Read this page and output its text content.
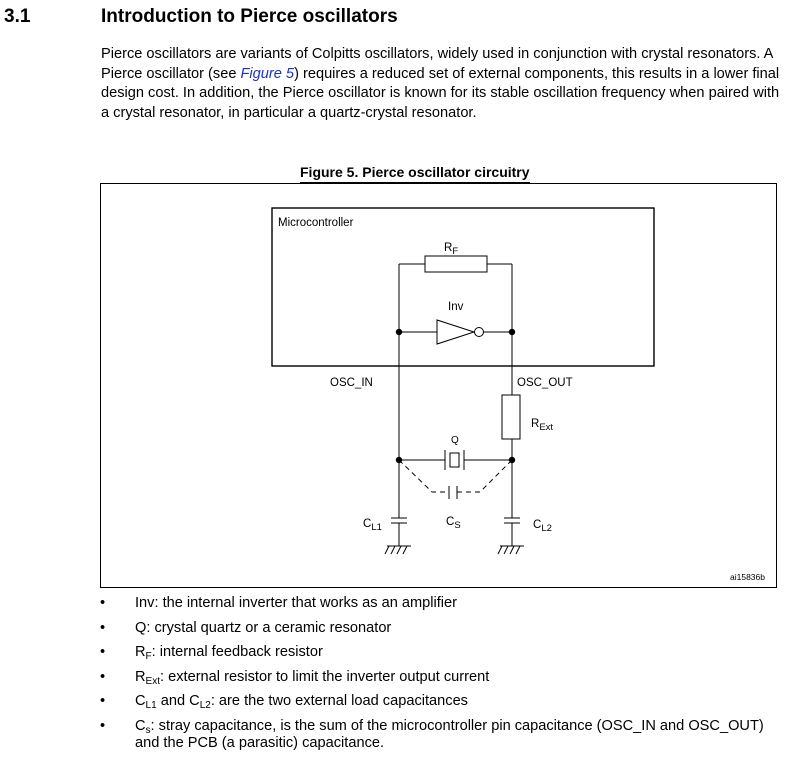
3.1	Introduction to Pierce oscillators

Pierce oscillators are variants of Colpitts oscillators, widely used in conjunction with crystal resonators. A Pierce oscillator (see Figure 5) requires a reduced set of external components, this results in a lower final design cost. In addition, the Pierce oscillator is known for its stable oscillation frequency when paired with a crystal resonator, in particular a quartz-crystal resonator.

Figure 5. Pierce oscillator circuitry
Microcontroller
$R_F$
Inv
OSC_IN	OSC_OUT
$R_{Ext}$
Q
$C_{L1}$	$C_S$	$C_{L2}$
ai15836b
• Inv: the internal inverter that works as an amplifier
• Q: crystal quartz or a ceramic resonator
• $R_F$: internal feedback resistor
• $R_{Ext}$: external resistor to limit the inverter output current
• $C_{L1}$ and $C_{L2}$: are the two external load capacitances
• $C_s$: stray capacitance, is the sum of the microcontroller pin capacitance (OSC_IN and OSC_OUT) and the PCB (a parasitic) capacitance.
